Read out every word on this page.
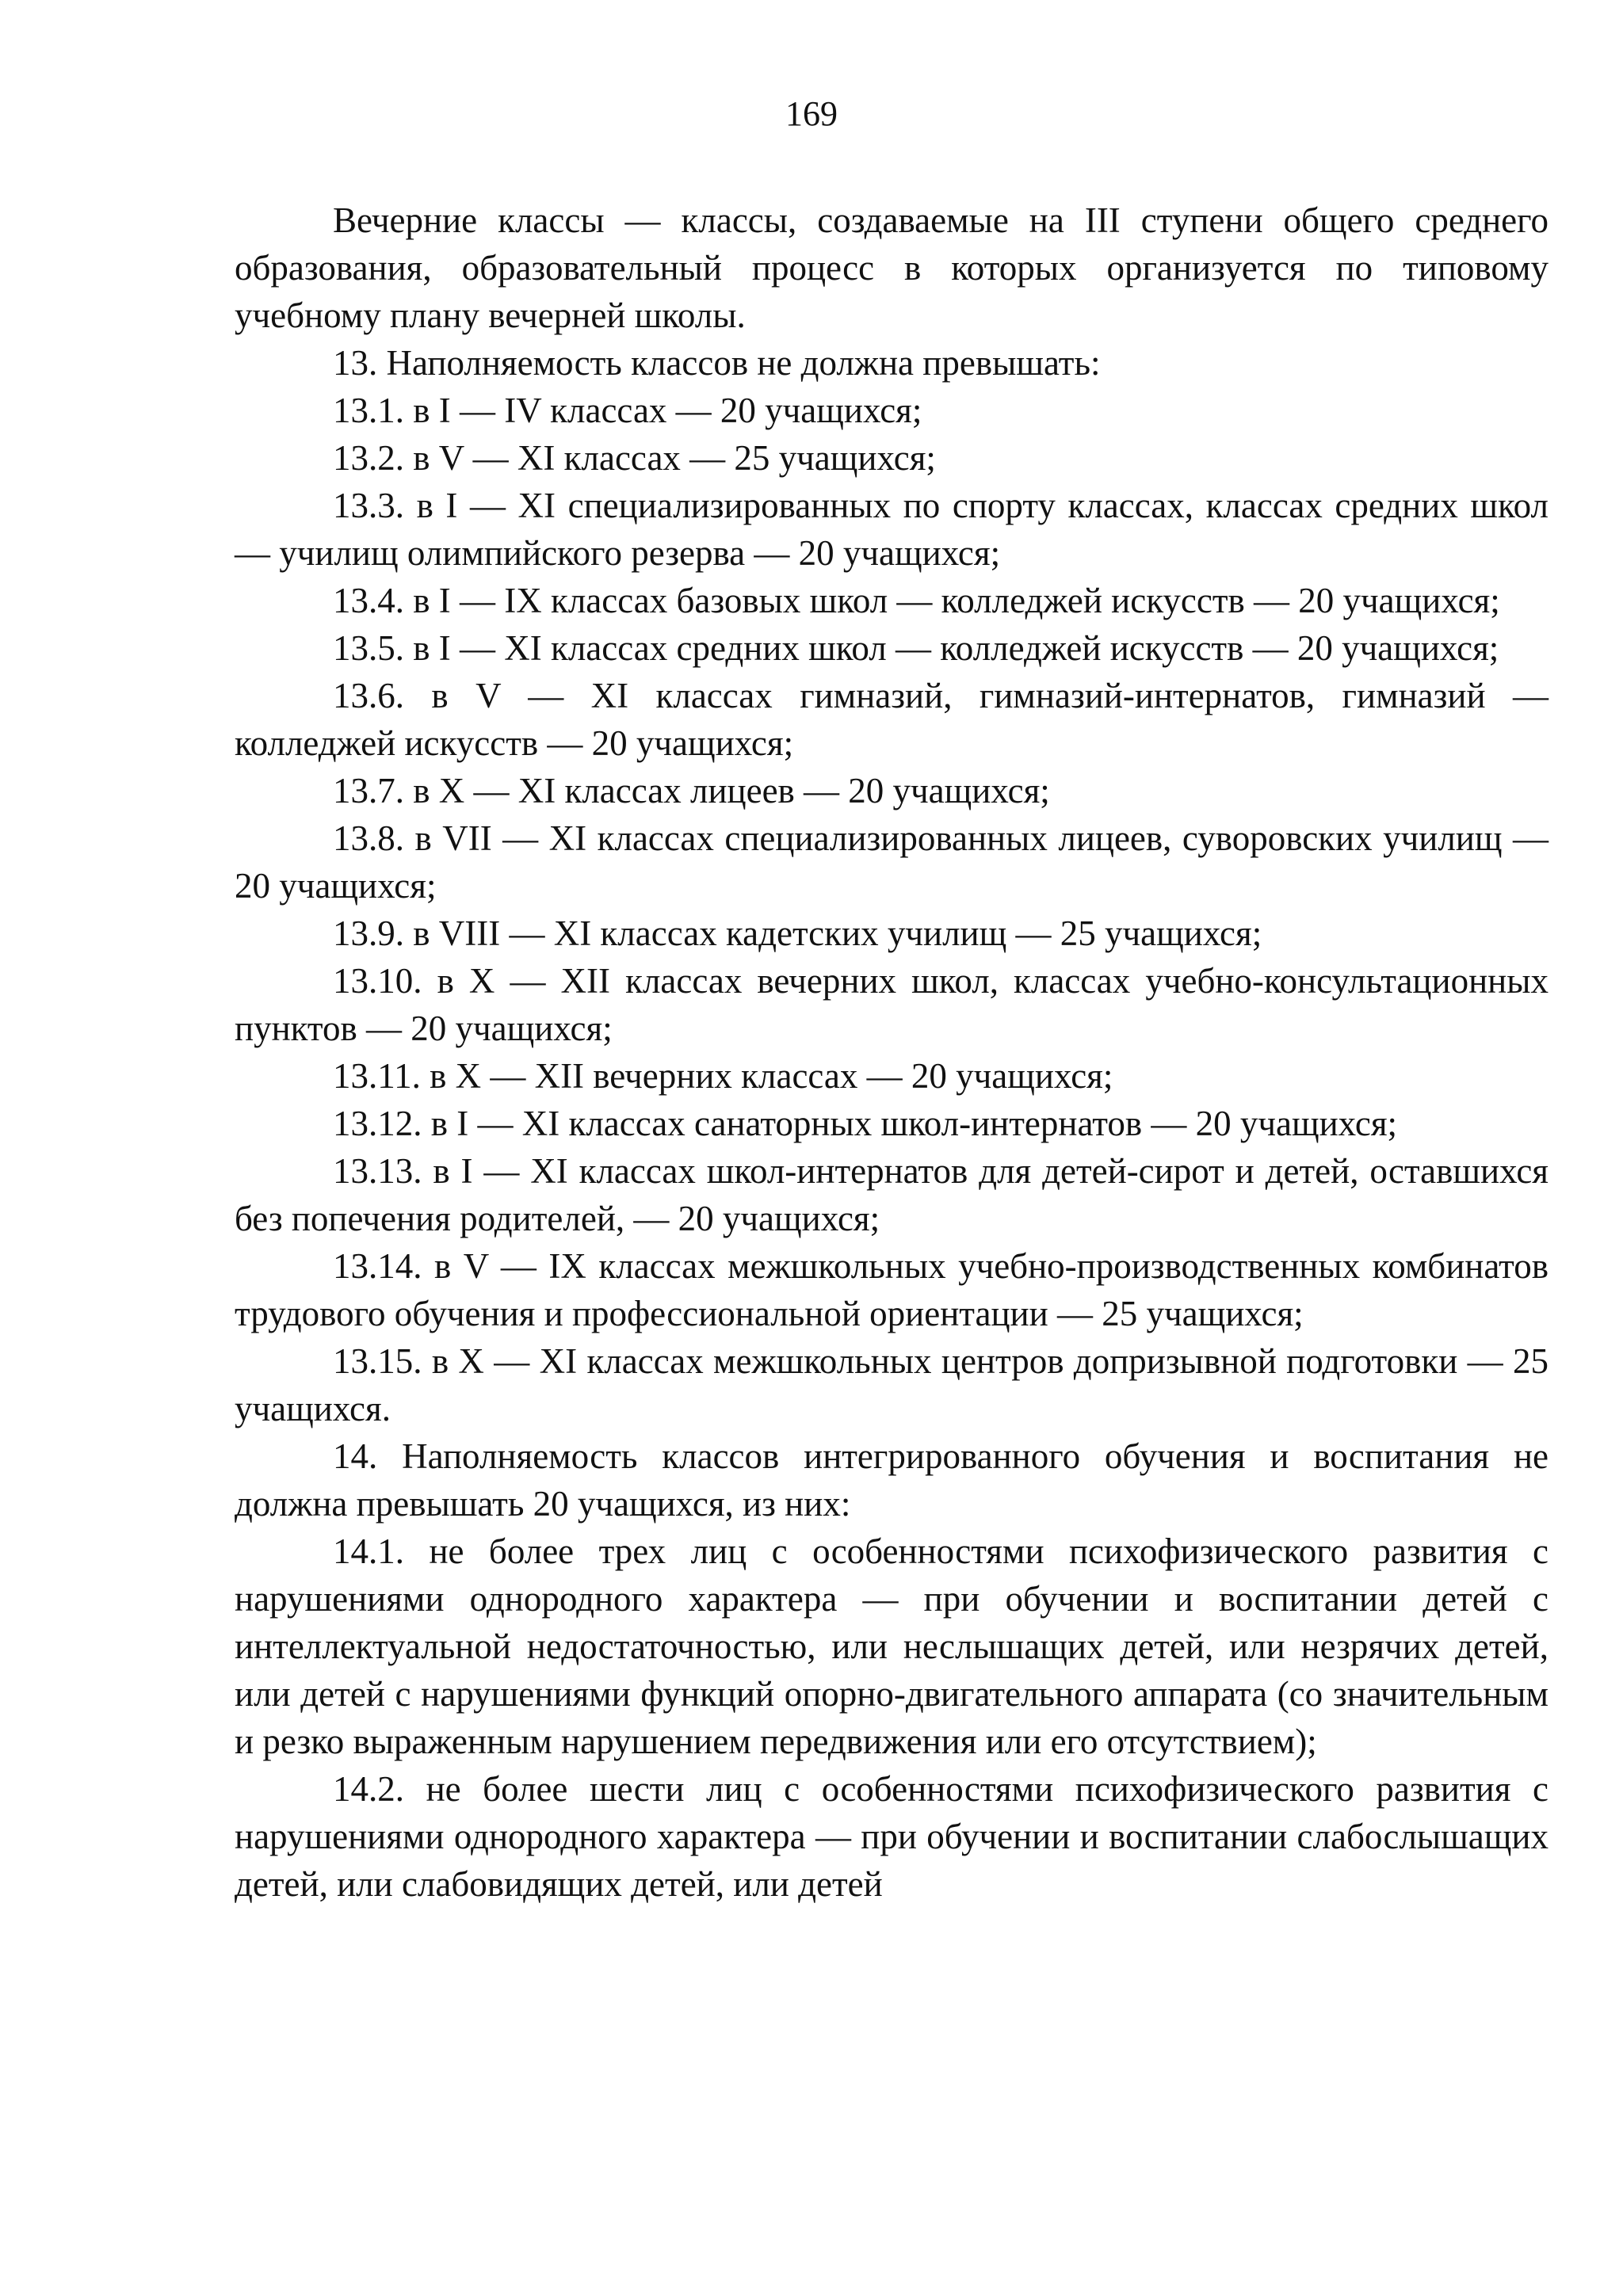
169

Вечерние классы — классы, создаваемые на III ступени общего среднего образования, образовательный процесс в которых организуется по типовому учебному плану вечерней школы.

13. Наполняемость классов не должна превышать:

13.1. в I — IV классах — 20 учащихся;

13.2. в V — XI классах — 25 учащихся;

13.3. в I — XI специализированных по спорту классах, классах средних школ — училищ олимпийского резерва — 20 учащихся;

13.4. в I — IX классах базовых школ — колледжей искусств — 20 учащихся;

13.5. в I — XI классах средних школ — колледжей искусств — 20 учащихся;

13.6. в V — XI классах гимназий, гимназий-интернатов, гимназий — колледжей искусств — 20 учащихся;

13.7. в X — XI классах лицеев — 20 учащихся;

13.8. в VII — XI классах специализированных лицеев, суворовских училищ — 20 учащихся;

13.9. в VIII — XI классах кадетских училищ — 25 учащихся;

13.10. в X — XII классах вечерних школ, классах учебно-консультационных пунктов — 20 учащихся;

13.11. в X — XII вечерних классах — 20 учащихся;

13.12. в I — XI классах санаторных школ-интернатов — 20 учащихся;

13.13. в I — XI классах школ-интернатов для детей-сирот и детей, оставшихся без попечения родителей, — 20 учащихся;

13.14. в V — IX классах межшкольных учебно-производственных комбинатов трудового обучения и профессиональной ориентации — 25 учащихся;

13.15. в X — XI классах межшкольных центров допризывной подготовки — 25 учащихся.

14. Наполняемость классов интегрированного обучения и воспитания не должна превышать 20 учащихся, из них:

14.1. не более трех лиц с особенностями психофизического развития с нарушениями однородного характера — при обучении и воспитании детей с интеллектуальной недостаточностью, или неслышащих детей, или незрячих детей, или детей с нарушениями функций опорно-двигательного аппарата (со значительным и резко выраженным нарушением передвижения или его отсутствием);

14.2. не более шести лиц с особенностями психофизического развития с нарушениями однородного характера — при обучении и воспитании слабослышащих детей, или слабовидящих детей, или детей
